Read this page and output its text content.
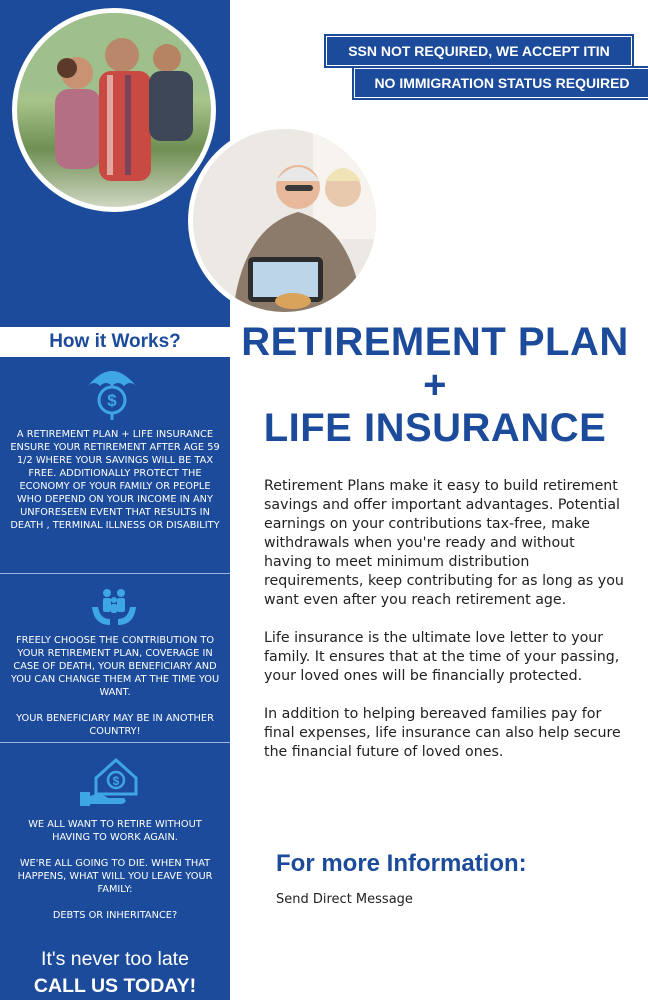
SSN NOT REQUIRED, WE ACCEPT ITIN
NO IMMIGRATION STATUS REQUIRED
How it Works?
$

A RETIREMENT PLAN + LIFE INSURANCE ENSURE YOUR RETIREMENT AFTER AGE 59 1/2 WHERE YOUR SAVINGS WILL BE TAX FREE. ADDITIONALLY PROTECT THE ECONOMY OF YOUR FAMILY OR PEOPLE WHO DEPEND ON YOUR INCOME IN ANY UNFORESEEN EVENT THAT RESULTS IN DEATH , TERMINAL ILLNESS OR DISABILITY

FREELY CHOOSE THE CONTRIBUTION TO YOUR RETIREMENT PLAN, COVERAGE IN CASE OF DEATH, YOUR BENEFICIARY AND YOU CAN CHANGE THEM AT THE TIME YOU WANT.

YOUR BENEFICIARY MAY BE IN ANOTHER COUNTRY!

$

WE ALL WANT TO RETIRE WITHOUT HAVING TO WORK AGAIN.

WE'RE ALL GOING TO DIE. WHEN THAT HAPPENS, WHAT WILL YOU LEAVE YOUR FAMILY:

DEBTS OR INHERITANCE?

It's never too late
CALL US TODAY!
RETIREMENT PLAN
+
LIFE INSURANCE

Retirement Plans make it easy to build retirement savings and offer important advantages. Potential earnings on your contributions tax-free, make withdrawals when you're ready and without having to meet minimum distribution requirements, keep contributing for as long as you want even after you reach retirement age.

Life insurance is the ultimate love letter to your family. It ensures that at the time of your passing, your loved ones will be financially protected.

In addition to helping bereaved families pay for final expenses, life insurance can also help secure the financial future of loved ones.

For more Information:
Send Direct Message
